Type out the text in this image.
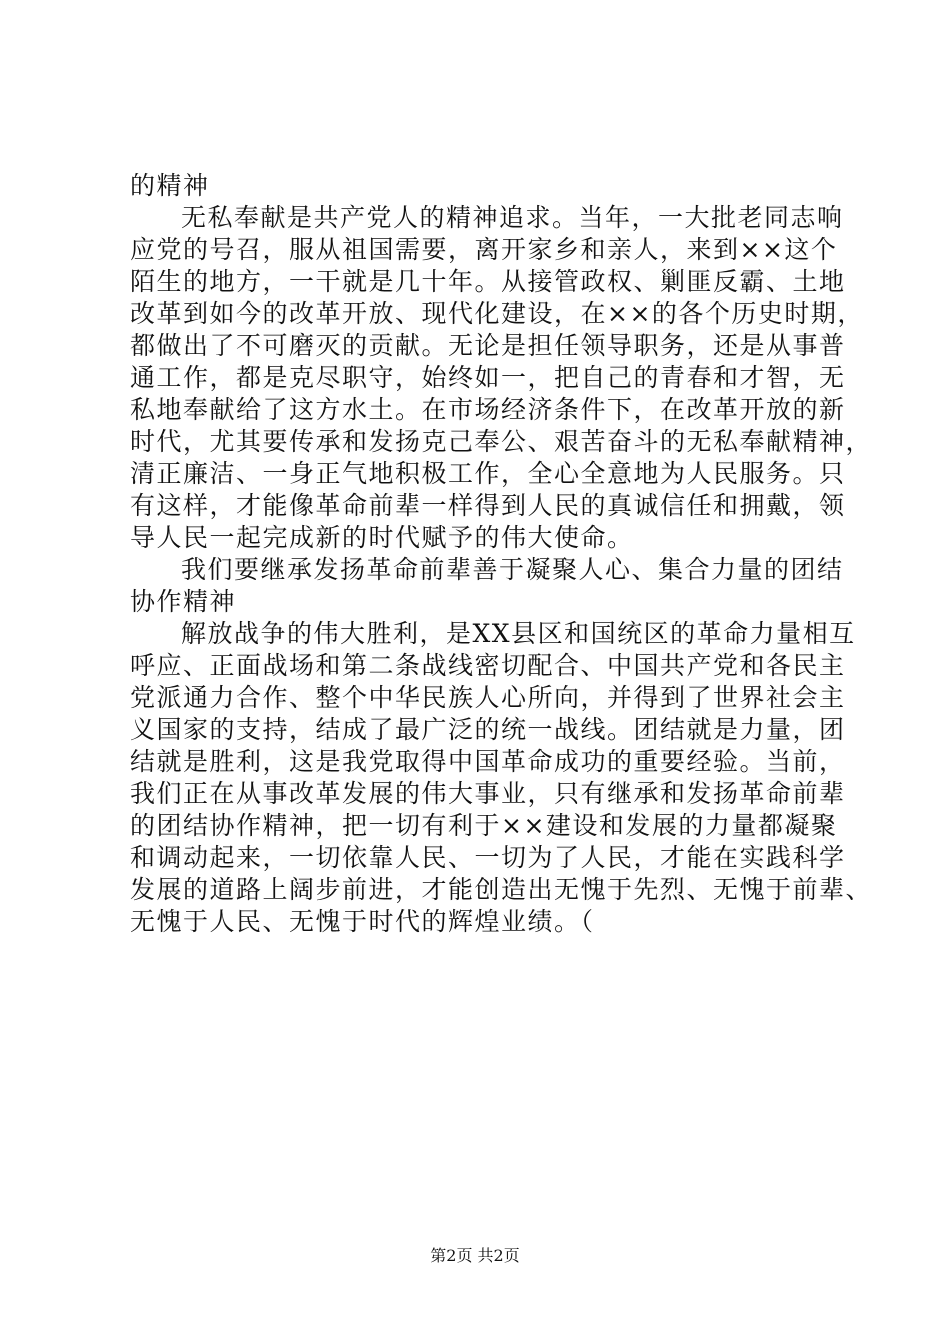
的精神
无私奉献是共产党人的精神追求。当年，一大批老同志响
应党的号召，服从祖国需要，离开家乡和亲人，来到××这个
陌生的地方，一干就是几十年。从接管政权、剿匪反霸、土地
改革到如今的改革开放、现代化建设，在××的各个历史时期，
都做出了不可磨灭的贡献。无论是担任领导职务，还是从事普
通工作，都是克尽职守，始终如一，把自己的青春和才智，无
私地奉献给了这方水土。在市场经济条件下，在改革开放的新
时代，尤其要传承和发扬克己奉公、艰苦奋斗的无私奉献精神，
清正廉洁、一身正气地积极工作，全心全意地为人民服务。只
有这样，才能像革命前辈一样得到人民的真诚信任和拥戴，领
导人民一起完成新的时代赋予的伟大使命。
我们要继承发扬革命前辈善于凝聚人心、集合力量的团结
协作精神
解放战争的伟大胜利，是XX县区和国统区的革命力量相互
呼应、正面战场和第二条战线密切配合、中国共产党和各民主
党派通力合作、整个中华民族人心所向，并得到了世界社会主
义国家的支持，结成了最广泛的统一战线。团结就是力量，团
结就是胜利，这是我党取得中国革命成功的重要经验。当前，
我们正在从事改革发展的伟大事业，只有继承和发扬革命前辈
的团结协作精神，把一切有利于××建设和发展的力量都凝聚
和调动起来，一切依靠人民、一切为了人民，才能在实践科学
发展的道路上阔步前进，才能创造出无愧于先烈、无愧于前辈、
无愧于人民、无愧于时代的辉煌业绩。（
第2页 共2页
